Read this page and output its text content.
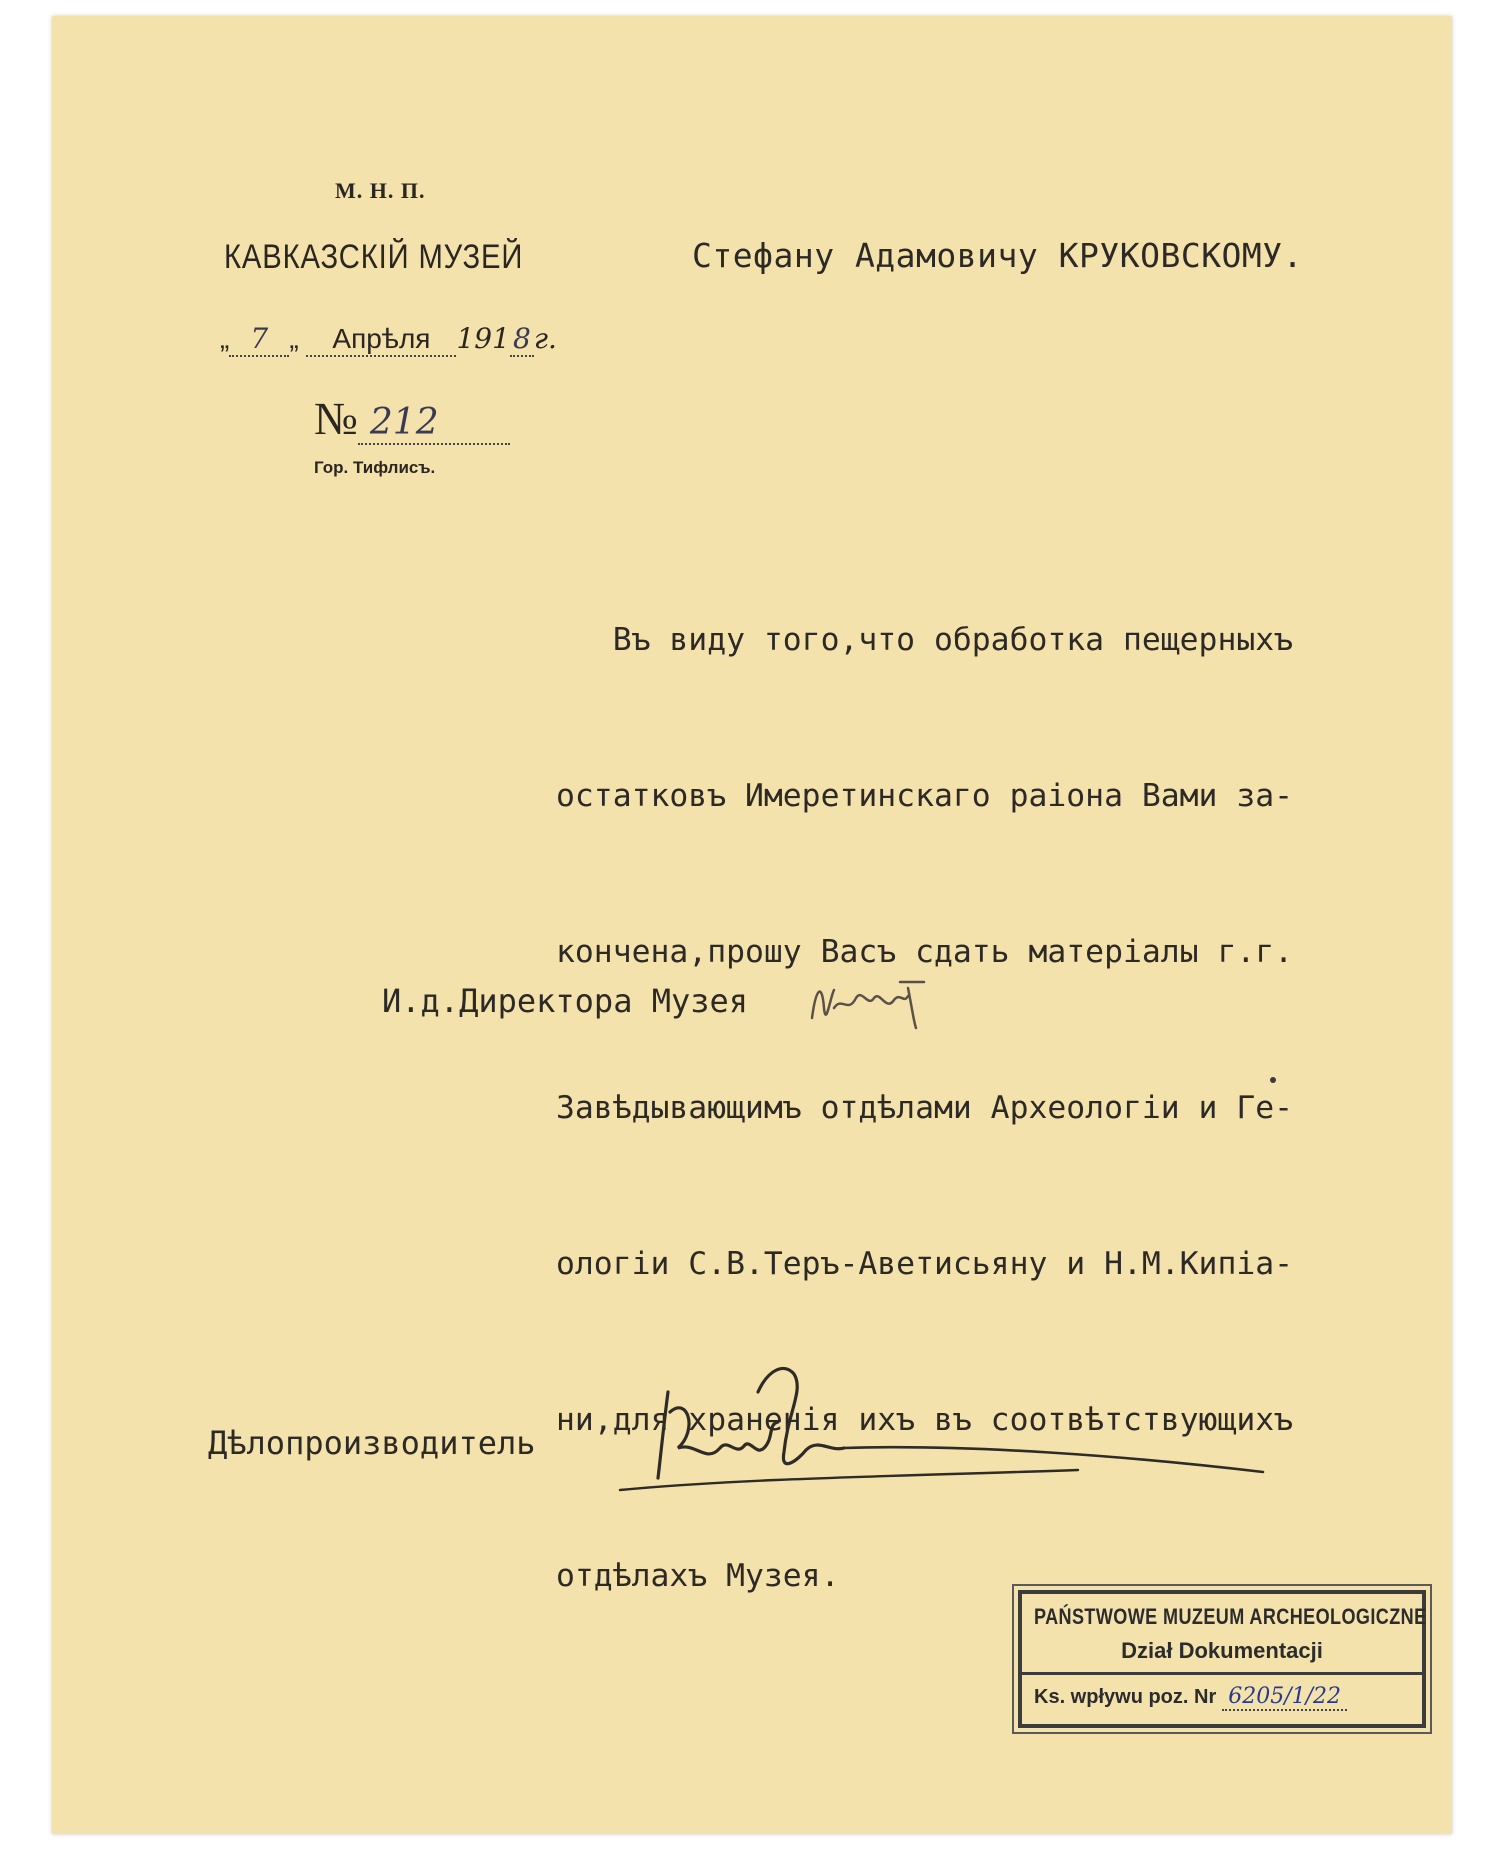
М. Н. П.
КАВКАЗСКIЙ МУЗЕЙ
„ 7 „ Апрѣля 191 8 г.
№ 212
Гор. Тифлисъ.
Стефану Адамовичу КРУКОВСКОМУ.

Въ виду того,что обработка пещерныхъ

остатковъ Имеретинскаго раіона Вами за-

кончена,прошу Васъ сдать матеріалы г.г.

Завѣдывающимъ отдѣлами Археологіи и Ге-

ологіи С.В.Теръ-Аветисьяну и Н.М.Кипіа-

ни,для храненія ихъ въ соотвѣтствующихъ

отдѣлахъ Музея.

И.д.Директора Музея
Дѣлопроизводитель
PAŃSTWOWE MUZEUM ARCHEOLOGICZNE
Dział Dokumentacji
Ks. wpływu poz. Nr 6205/1/22
